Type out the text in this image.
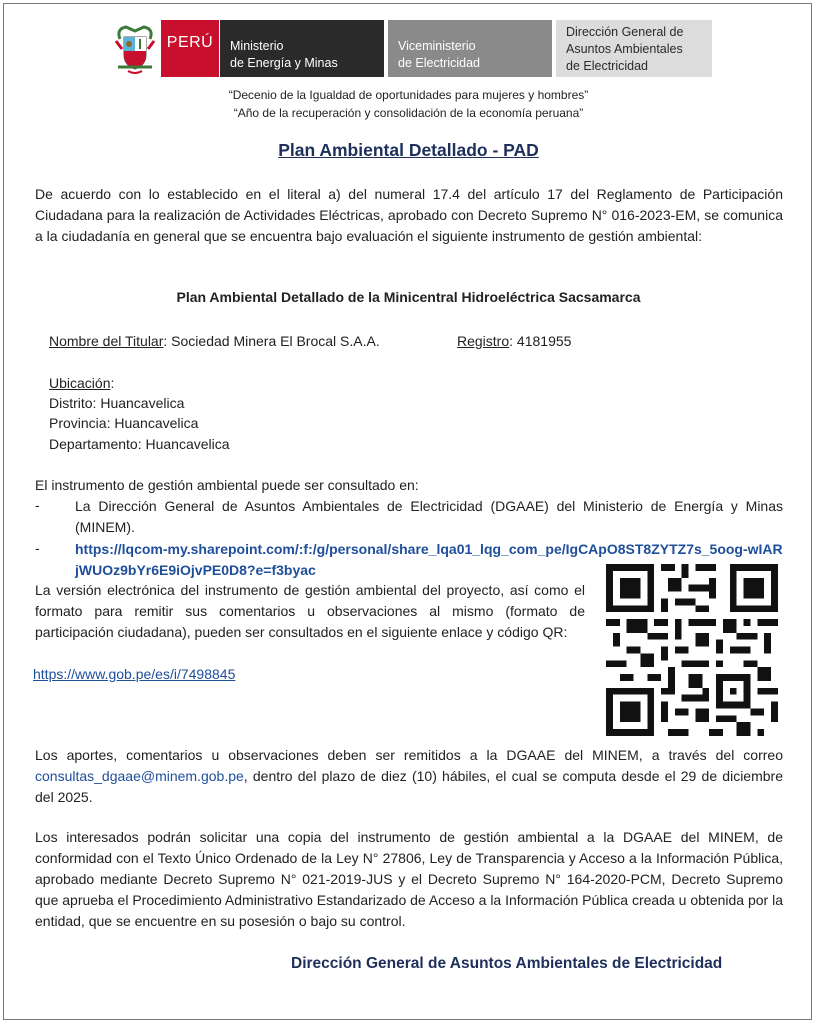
PERÚ Ministerio
de Energía y Minas
Viceministerio
de Electricidad
Dirección General de
Asuntos Ambientales
de Electricidad
“Decenio de la Igualdad de oportunidades para mujeres y hombres”
“Año de la recuperación y consolidación de la economía peruana”
Plan Ambiental Detallado - PAD
De acuerdo con lo establecido en el literal a) del numeral 17.4 del artículo 17 del Reglamento de Participación Ciudadana para la realización de Actividades Eléctricas, aprobado con Decreto Supremo N° 016-2023-EM, se comunica a la ciudadanía en general que se encuentra bajo evaluación el siguiente instrumento de gestión ambiental:
Plan Ambiental Detallado de la Minicentral Hidroeléctrica Sacsamarca
Nombre del Titular: Sociedad Minera El Brocal S.A.A.	Registro: 4181955
Ubicación:
Distrito: Huancavelica
Provincia: Huancavelica
Departamento: Huancavelica
El instrumento de gestión ambiental puede ser consultado en:
-	La Dirección General de Asuntos Ambientales de Electricidad (DGAAE) del Ministerio de Energía y Minas (MINEM).
-	https://lqcom-my.sharepoint.com/:f:/g/personal/share_lqa01_lqg_com_pe/IgCApO8ST8ZYTZ7s_5oog-wIARjWUOz9bYr6E9iOjvPE0D8?e=f3byac
La versión electrónica del instrumento de gestión ambiental del proyecto, así como el formato para remitir sus comentarios u observaciones al mismo (formato de participación ciudadana), pueden ser consultados en el siguiente enlace y código QR:
https://www.gob.pe/es/i/7498845
Los aportes, comentarios u observaciones deben ser remitidos a la DGAAE del MINEM, a través del correo consultas_dgaae@minem.gob.pe, dentro del plazo de diez (10) hábiles, el cual se computa desde el 29 de diciembre del 2025.
Los interesados podrán solicitar una copia del instrumento de gestión ambiental a la DGAAE del MINEM, de conformidad con el Texto Único Ordenado de la Ley N° 27806, Ley de Transparencia y Acceso a la Información Pública, aprobado mediante Decreto Supremo N° 021-2019-JUS y el Decreto Supremo N° 164-2020-PCM, Decreto Supremo que aprueba el Procedimiento Administrativo Estandarizado de Acceso a la Información Pública creada u obtenida por la entidad, que se encuentre en su posesión o bajo su control.
Dirección General de Asuntos Ambientales de Electricidad
